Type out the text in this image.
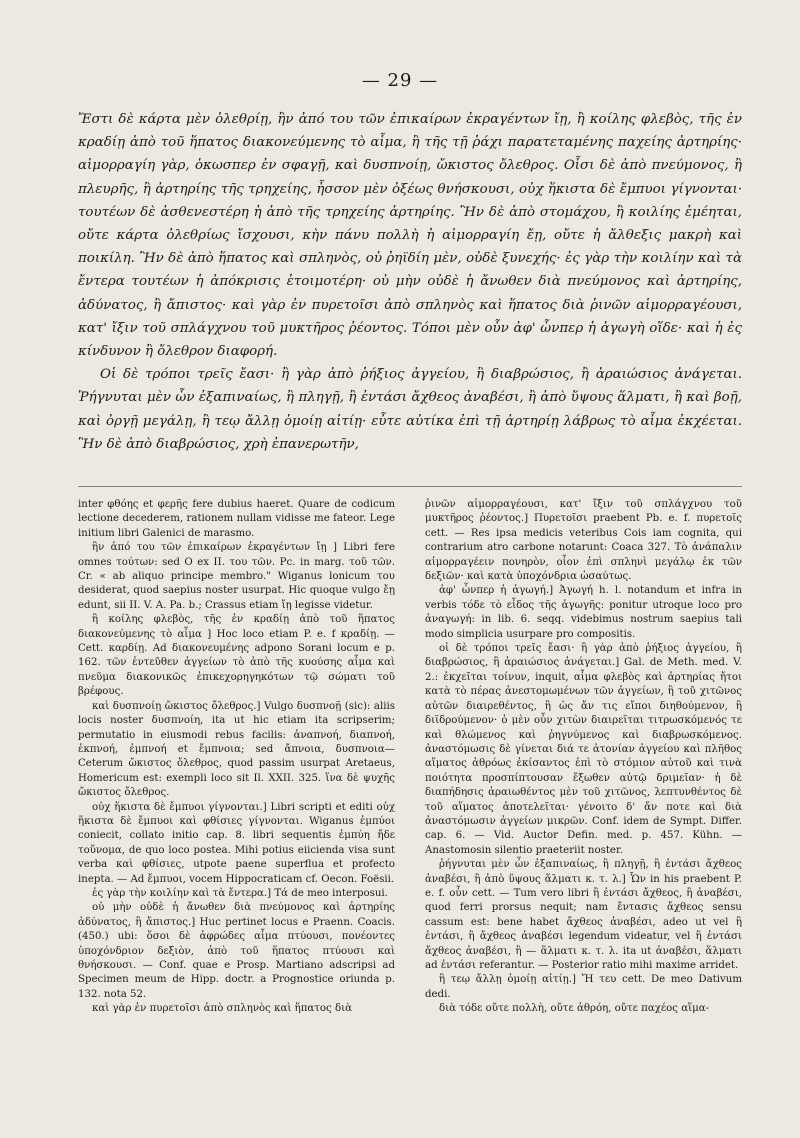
— 29 —

Ἔστι δὲ κάρτα μὲν ὀλεθρίῃ, ἢν ἀπό του τῶν ἐπικαίρων ἐκραγέντων ἴῃ, ἢ κοίλης φλεβὸς, τῆς ἐν κραδίῃ ἀπὸ τοῦ ἥπατος διακονεύμενης τὸ αἷμα, ἢ τῆς τῇ ῥάχι παρατεταμένης παχείης ἀρτηρίης· αἱμορραγίη γὰρ, ὁκωσπερ ἐν σφαγῇ, καὶ δυσπνοίῃ, ὤκιστος ὄλεθρος. Οἷσι δὲ ἀπὸ πνεύμονος, ἢ πλευρῆς, ἢ ἀρτηρίης τῆς τρηχείης, ἧσσον μὲν ὀξέως θνήσκουσι, οὐχ ἥκιστα δὲ ἔμπυοι γίγνονται· τουτέων δὲ ἀσθενεστέρη ἡ ἀπὸ τῆς τρηχείης ἀρτηρίης. Ἢν δὲ ἀπὸ στομάχου, ἢ κοιλίης ἐμέηται, οὔτε κάρτα ὀλεθρίως ἴσχουσι, κὴν πάνυ πολλὴ ἡ αἱμορραγίη ἔῃ, οὔτε ἡ ἄλθεξις μακρὴ καὶ ποικίλη. Ἢν δὲ ἀπὸ ἥπατος καὶ σπληνὸς, οὐ ῥηϊδίη μὲν, οὐδὲ ξυνεχής· ἐς γὰρ τὴν κοιλίην καὶ τὰ ἔντερα τουτέων ἡ ἀπόκρισις ἑτοιμοτέρη· οὐ μὴν οὐδὲ ἡ ἄνωθεν διὰ πνεύμονος καὶ ἀρτηρίης, ἀδύνατος, ἢ ἄπιστος· καὶ γὰρ ἐν πυρετοῖσι ἀπὸ σπληνὸς καὶ ἥπατος διὰ ῥινῶν αἱμορραγέουσι, κατ' ἴξιν τοῦ σπλάγχνου τοῦ μυκτῆρος ῥέοντος. Τόποι μὲν οὖν ἀφ' ὧνπερ ἡ ἀγωγὴ οἵδε· καὶ ἡ ἐς κίνδυνον ἢ ὄλεθρον διαφορή.

Οἱ δὲ τρόποι τρεῖς ἔασι· ἢ γὰρ ἀπὸ ῥήξιος ἀγγείου, ἢ διαβρώσιος, ἢ ἀραιώσιος ἀνάγεται. Ῥήγνυται μὲν ὧν ἐξαπιναίως, ἢ πληγῇ, ἢ ἐντάσι ἄχθεος ἀναβέσι, ἢ ἀπὸ ὕψους ἅλματι, ἢ καὶ βοῇ, καὶ ὀργῇ μεγάλῃ, ἢ τεῳ ἄλλῃ ὁμοίῃ αἰτίῃ· εὖτε αὐτίκα ἐπὶ τῇ ἀρτηρίῃ λάβρως τὸ αἷμα ἐκχέεται. Ἢν δὲ ἀπὸ διαβρώσιος, χρὴ ἐπανερωτῆν,

inter φθόης et φερῆς fere dubius haeret. Quare de codicum lectione decederem, rationem nullam vidisse me fateor. Lege initium libri Galenici de marasmo.

ἢν ἀπό του τῶν ἐπικαίρων ἐκραγέντων ἴῃ ] Libri fere omnes τούτων: sed O ex II. του τῶν. Pc. in marg. τοῦ τῶν. Cr. « ab aliquo principe membro." Wiganus lonicum του desiderat, quod saepius noster usurpat. Hic quoque vulgo ἔῃ edunt, sii II. V. A. Pa. b.; Crassus etiam ἴῃ legisse videtur.

ἢ κοίλης φλεβὸς, τῆς ἐν κραδίῃ ἀπὸ τοῦ ἥπατος διακονεύμενης τὸ αἷμα ] Hoc loco etiam P. e. f κραδίῃ. — Cett. καρδίῃ. Ad διακονευμένης adpono Sorani locum e p. 162. τῶν ἐντεῦθεν ἀγγείων τὸ ἀπὸ τῆς κυούσης αἷμα καὶ πνεῦμα διακονικῶς ἐπικεχορηγηκότων τῷ σώματι τοῦ βρέφους.

καὶ δυσπνοίῃ ὤκιστος ὄλεθρος.] Vulgo δυσπνοῇ (sic): aliis locis noster δυσπνοίη, ita ut hic etiam ita scripserim; permutatio in eiusmodi rebus facilis: ἀναπνοή, διαπνοή, ἐκπνοή, ἐμπνοή et ἔμπνοια; sed ἄπνοια, δυσπνοια— Ceterum ὤκιστος ὄλεθρος, quod passim usurpat Aretaeus, Homericum est: exempli loco sit Il. XXII. 325. ἵνα δὲ ψυχῆς ὤκιστος ὄλεθρος.

οὐχ ἥκιστα δὲ ἔμπυοι γίγνονται.] Libri scripti et editi οὐχ ἥκιστα δὲ ἔμπυοι καὶ φθίσιες γίγνονται. Wiganus ἐμπύοι coniecit, collato initio cap. 8. libri sequentis ἐμπύη ἤδε τοὔνομα, de quo loco postea. Mihi potius eiicienda visa sunt verba καὶ φθίσιες, utpote paene superflua et profecto inepta. — Ad ἔμπυοι, vocem Hippocraticam cf. Oecon. Foësii.

ἐς γὰρ τὴν κοιλίην καὶ τὰ ἔντερα.] Τά de meo interposui.

οὐ μὴν οὐδὲ ἡ ἄνωθεν διὰ πνεύμονος καὶ ἀρτηρίης ἀδύνατος, ἢ ἄπιστος.] Huc pertinet locus e Praenn. Coacis. (450.) ubi: ὅσοι δὲ ἀφρώδες αἷμα πτύουσι, πονέοντες ὑποχόνδριον δεξιὸν, ἀπὸ τοῦ ἥπατος πτύουσι καὶ θνήσκουσι. — Conf. quae e Prosp. Martiano adscripsi ad Specimen meum de Hipp. doctr. a Prognostice oriunda p. 132. nota 52.

καὶ γὰρ ἐν πυρετοῖσι ἀπὸ σπληνὸς καὶ ἥπατος διὰ

ῥινῶν αἱμορραγέουσι, κατ' ἴξιν τοῦ σπλάγχνου τοῦ μυκτῆρος ῥέοντος.] Πυρετοῖσι praebent Pb. e. f. πυρετοῖς cett. — Res ipsa medicis veteribus Cois iam cognita, qui contrarium atro carbone notarunt: Coaca 327. Τὸ ἀνάπαλιν αἱμορραγέειν πονηρὸν, οἷον ἐπὶ σπληνὶ μεγάλῳ ἐκ τῶν δεξιῶν· καὶ κατὰ ὑποχόνδρια ὡσαύτως.

ἀφ' ὧνπερ ἡ ἀγωγή.] Ἀγωγή h. l. notandum et infra in verbis τόδε τὸ εἶδος τῆς ἀγωγῆς: ponitur utroque loco pro ἀναγωγή: in lib. 6. seqq. videbimus nostrum saepius tali modo simplicia usurpare pro compositis.

οἱ δὲ τρόποι τρεῖς ἔασι· ἢ γὰρ ἀπὸ ῥήξιος ἀγγείου, ἢ διαβρώσιος, ἢ ἀραιώσιος ἀνάγεται.] Gal. de Meth. med. V. 2.: ἐκχεῖται τοίνυν, inquit, αἷμα φλεβὸς καὶ ἀρτηρίας ἤτοι κατὰ τὸ πέρας ἀνεστομωμένων τῶν ἀγγείων, ἢ τοῦ χιτῶνος αὐτῶν διαιρεθέντος, ἢ ὡς ἄν τις εἴποι διηθούμενον, ἢ διϊδρούμενον· ὁ μὲν οὖν χιτὼν διαιρεῖται τιτρωσκόμενός τε καὶ θλώμενος καὶ ῥηγνύμενος καὶ διαβρωσκόμενος. ἀναστόμωσις δὲ γίνεται διά τε ἀτονίαν ἀγγείου καὶ πλῆθος αἵματος ἀθρόως ἐκίσαντος ἐπὶ τὸ στόμιον αὐτοῦ καὶ τινὰ ποιότητα προσπίπτουσαν ἔξωθεν αὐτῷ δριμεῖαν· ἡ δὲ διαπήδησις ἀραιωθέντος μὲν τοῦ χιτῶνος, λεπτυνθέντος δὲ τοῦ αἵματος ἀποτελεῖται· γένοιτο δ' ἄν ποτε καὶ διὰ ἀναστόμωσιν ἀγγείων μικρῶν. Conf. idem de Sympt. Differ. cap. 6. — Vid. Auctor Defin. med. p. 457. Kühn. — Anastomosin silentio praeteriit noster.

ῥήγνυται μὲν ὧν ἐξαπιναίως, ἢ πληγῇ, ἢ ἐντάσι ἄχθεος ἀναβέσι, ἢ ἀπὸ ὕψους ἅλματι κ. τ. λ.] Ὧν in his praebent P. e. f. οὖν cett. — Tum vero libri ἢ ἐντάσι ἄχθεος, ἢ ἀναβέσι, quod ferri prorsus nequit; nam ἔντασις ἄχθεος sensu cassum est: bene habet ἄχθεος ἀναβέσι, adeo ut vel ἢ ἐντάσι, ἢ ἄχθεος ἀναβέσι legendum videatur, vel ἢ ἐντάσι ἄχθεος ἀναβέσι, ἢ — ἅλματι κ. τ. λ. ita ut ἀναβέσι, ἅλματι ad ἐντάσι referantur. — Posterior ratio mihi maxime arridet.

ἢ τεῳ ἄλλῃ ὁμοίῃ αἰτίῃ.] Ἤ τευ cett. De meo Dativum dedi.

διὰ τόδε οὔτε πολλὴ, οὔτε ἀθρόη, οὔτε παχέος αἵμα-
